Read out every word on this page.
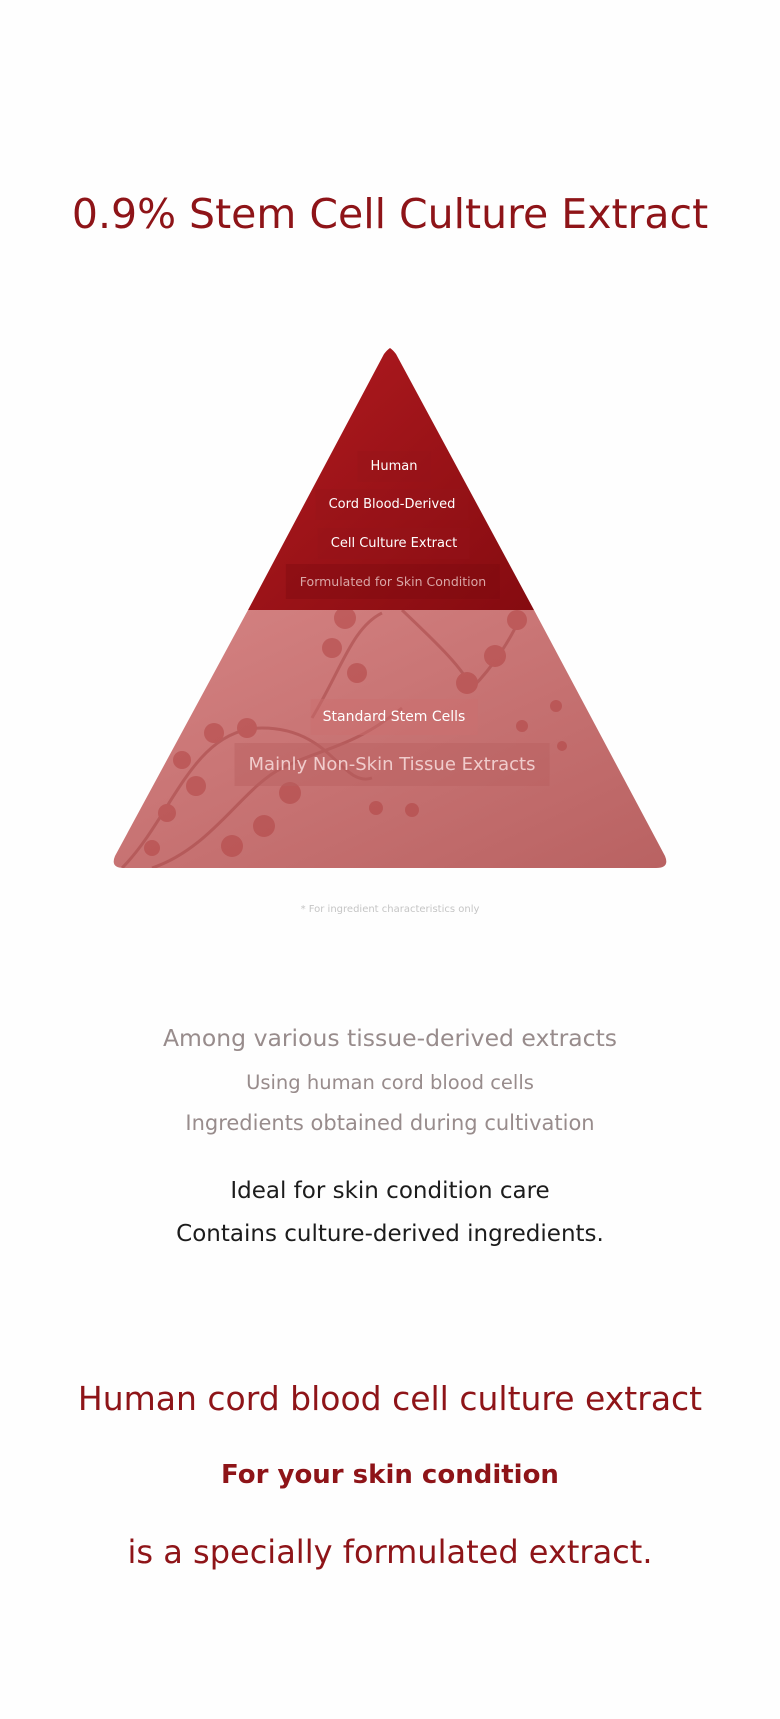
0.9% Stem Cell Culture Extract
Human
Cord Blood-Derived
Cell Culture Extract
Formulated for Skin Condition
Standard Stem Cells
Mainly Non-Skin Tissue Extracts

* For ingredient characteristics only

Among various tissue-derived extracts

Using human cord blood cells

Ingredients obtained during cultivation

Ideal for skin condition care

Contains culture-derived ingredients.

Human cord blood cell culture extract

For your skin condition

is a specially formulated extract.
